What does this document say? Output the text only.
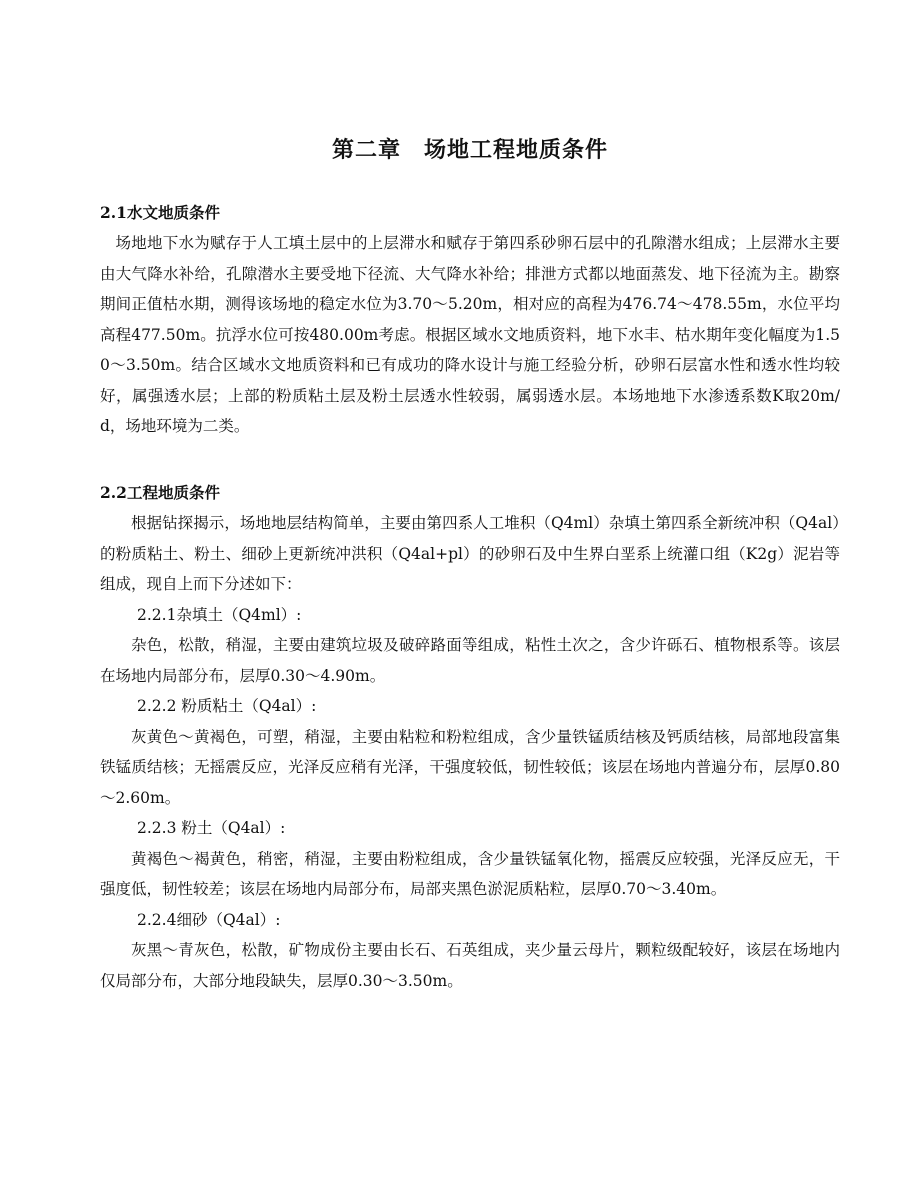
第二章　场地工程地质条件
2.1水文地质条件

场地地下水为赋存于人工填土层中的上层滞水和赋存于第四系砂卵石层中的孔隙潜水组成；上层滞水主要由大气降水补给，孔隙潜水主要受地下径流、大气降水补给；排泄方式都以地面蒸发、地下径流为主。勘察期间正值枯水期，测得该场地的稳定水位为3.70～5.20m，相对应的高程为476.74～478.55m，水位平均高程477.50m。抗浮水位可按480.00m考虑。根据区域水文地质资料，地下水丰、枯水期年变化幅度为1.50～3.50m。结合区域水文地质资料和已有成功的降水设计与施工经验分析，砂卵石层富水性和透水性均较好，属强透水层；上部的粉质粘土层及粉土层透水性较弱，属弱透水层。本场地地下水渗透系数K取20m/d，场地环境为二类。

2.2工程地质条件

根据钻探揭示，场地地层结构简单，主要由第四系人工堆积（Q4ml）杂填土第四系全新统冲积（Q4al）的粉质粘土、粉土、细砂上更新统冲洪积（Q4al+pl）的砂卵石及中生界白垩系上统灌口组（K2g）泥岩等组成，现自上而下分述如下：

2.2.1杂填土（Q4ml）:

杂色，松散，稍湿，主要由建筑垃圾及破碎路面等组成，粘性土次之，含少许砾石、植物根系等。该层在场地内局部分布，层厚0.30～4.90m。

2.2.2 粉质粘土（Q4al）:

灰黄色～黄褐色，可塑，稍湿，主要由粘粒和粉粒组成，含少量铁锰质结核及钙质结核，局部地段富集铁锰质结核；无摇震反应，光泽反应稍有光泽，干强度较低，韧性较低；该层在场地内普遍分布，层厚0.80～2.60m。

2.2.3 粉土（Q4al）:

黄褐色～褐黄色，稍密，稍湿，主要由粉粒组成，含少量铁锰氧化物，摇震反应较强，光泽反应无，干强度低，韧性较差；该层在场地内局部分布，局部夹黑色淤泥质粘粒，层厚0.70～3.40m。

2.2.4细砂（Q4al）:

灰黑～青灰色，松散，矿物成份主要由长石、石英组成，夹少量云母片，颗粒级配较好，该层在场地内仅局部分布，大部分地段缺失，层厚0.30～3.50m。
